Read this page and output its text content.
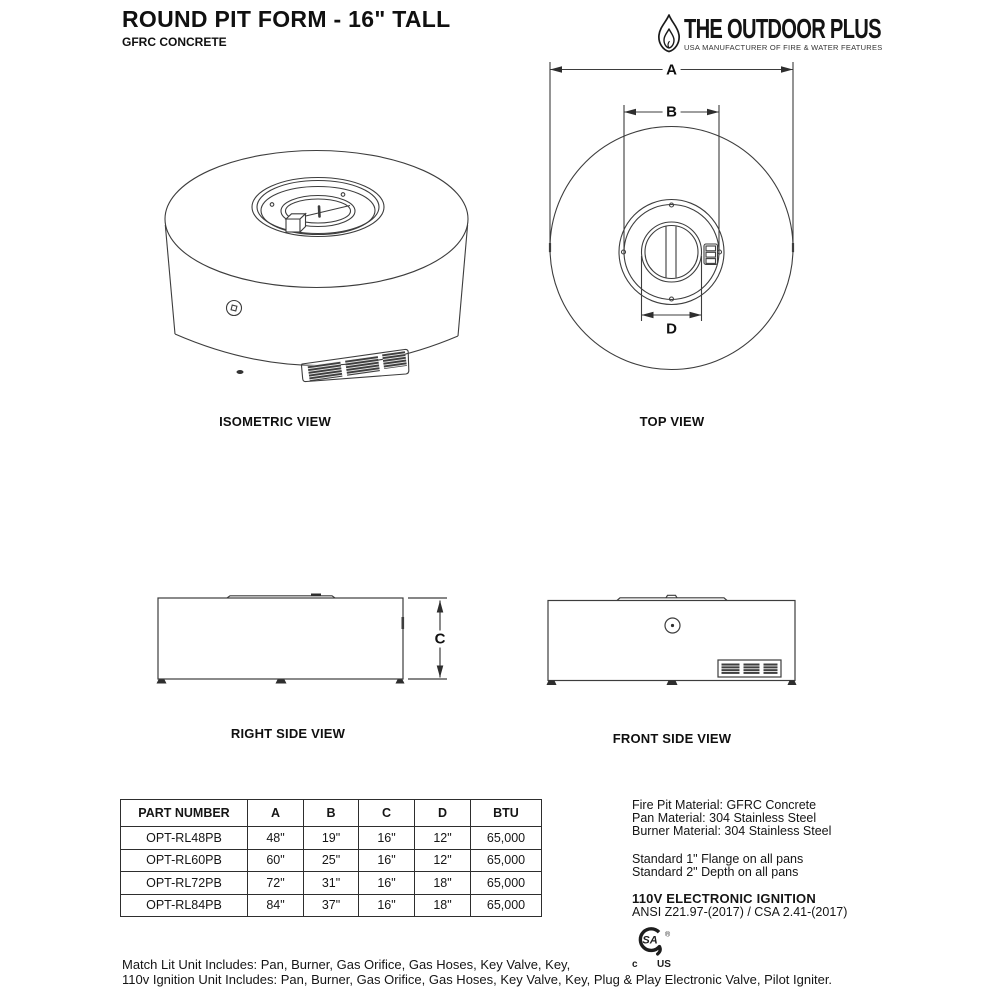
ROUND PIT FORM - 16" TALL
GFRC CONCRETE	THE OUTDOOR PLUS
USA MANUFACTURER OF FIRE & WATER FEATURES
A
B
D
C
ISOMETRIC VIEW	TOP VIEW
RIGHT SIDE VIEW	FRONT SIDE VIEW
PART NUMBER	A	B	C	D	BTU
OPT-RL48PB	48"	19"	16"	12"	65,000
OPT-RL60PB	60"	25"	16"	12"	65,000
OPT-RL72PB	72"	31"	16"	18"	65,000
OPT-RL84PB	84"	37"	16"	18"	65,000
Fire Pit Material: GFRC Concrete
Pan Material: 304 Stainless Steel
Burner Material: 304 Stainless Steel
Standard 1" Flange on all pans
Standard 2" Depth on all pans
110V ELECTRONIC IGNITION
ANSI Z21.97-(2017) / CSA 2.41-(2017)
SA ®
c US
Match Lit Unit Includes: Pan, Burner, Gas Orifice, Gas Hoses, Key Valve, Key,
110v Ignition Unit Includes: Pan, Burner, Gas Orifice, Gas Hoses, Key Valve, Key, Plug & Play Electronic Valve, Pilot Igniter.
